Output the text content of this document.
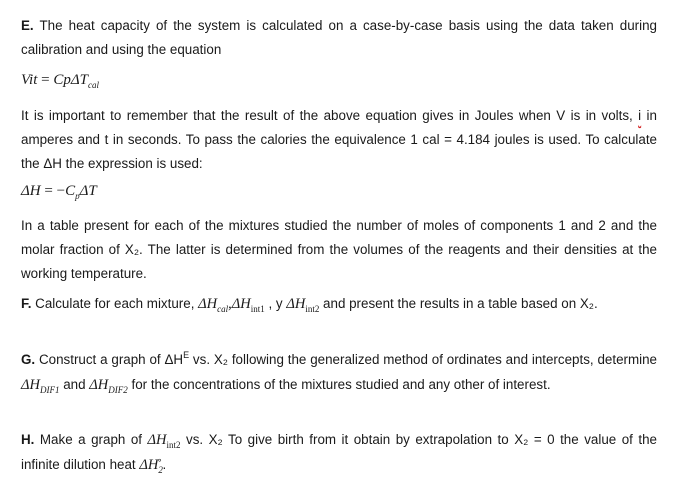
E. The heat capacity of the system is calculated on a case-by-case basis using the data taken during calibration and using the equation

Vit = CpΔT$_{cal}$

It is important to remember that the result of the above equation gives in Joules when V is in volts, i in amperes and t in seconds. To pass the calories the equivalence 1 cal = 4.184 joules is used. To calculate the ΔH the expression is used:

$\Delta H = -C_p\Delta T$

In a table present for each of the mixtures studied the number of moles of components 1 and 2 and the molar fraction of X₂. The latter is determined from the volumes of the reagents and their densities at the working temperature.

F. Calculate for each mixture, $\Delta H_{cal},\Delta H_{int1}$ , y $\Delta H_{int2}$ and present the results in a table based on X₂.

G. Construct a graph of $\Delta H^E$ vs. X₂ following the generalized method of ordinates and intercepts, determine $\Delta H_{DIF1}$ and $\Delta H_{DIF2}$ for the concentrations of the mixtures studied and any other of interest.

H. Make a graph of $\Delta H_{int2}$ vs. X₂ To give birth from it obtain by extrapolation to X₂ = 0 the value of the infinite dilution heat $\Delta H_2^\circ$.
